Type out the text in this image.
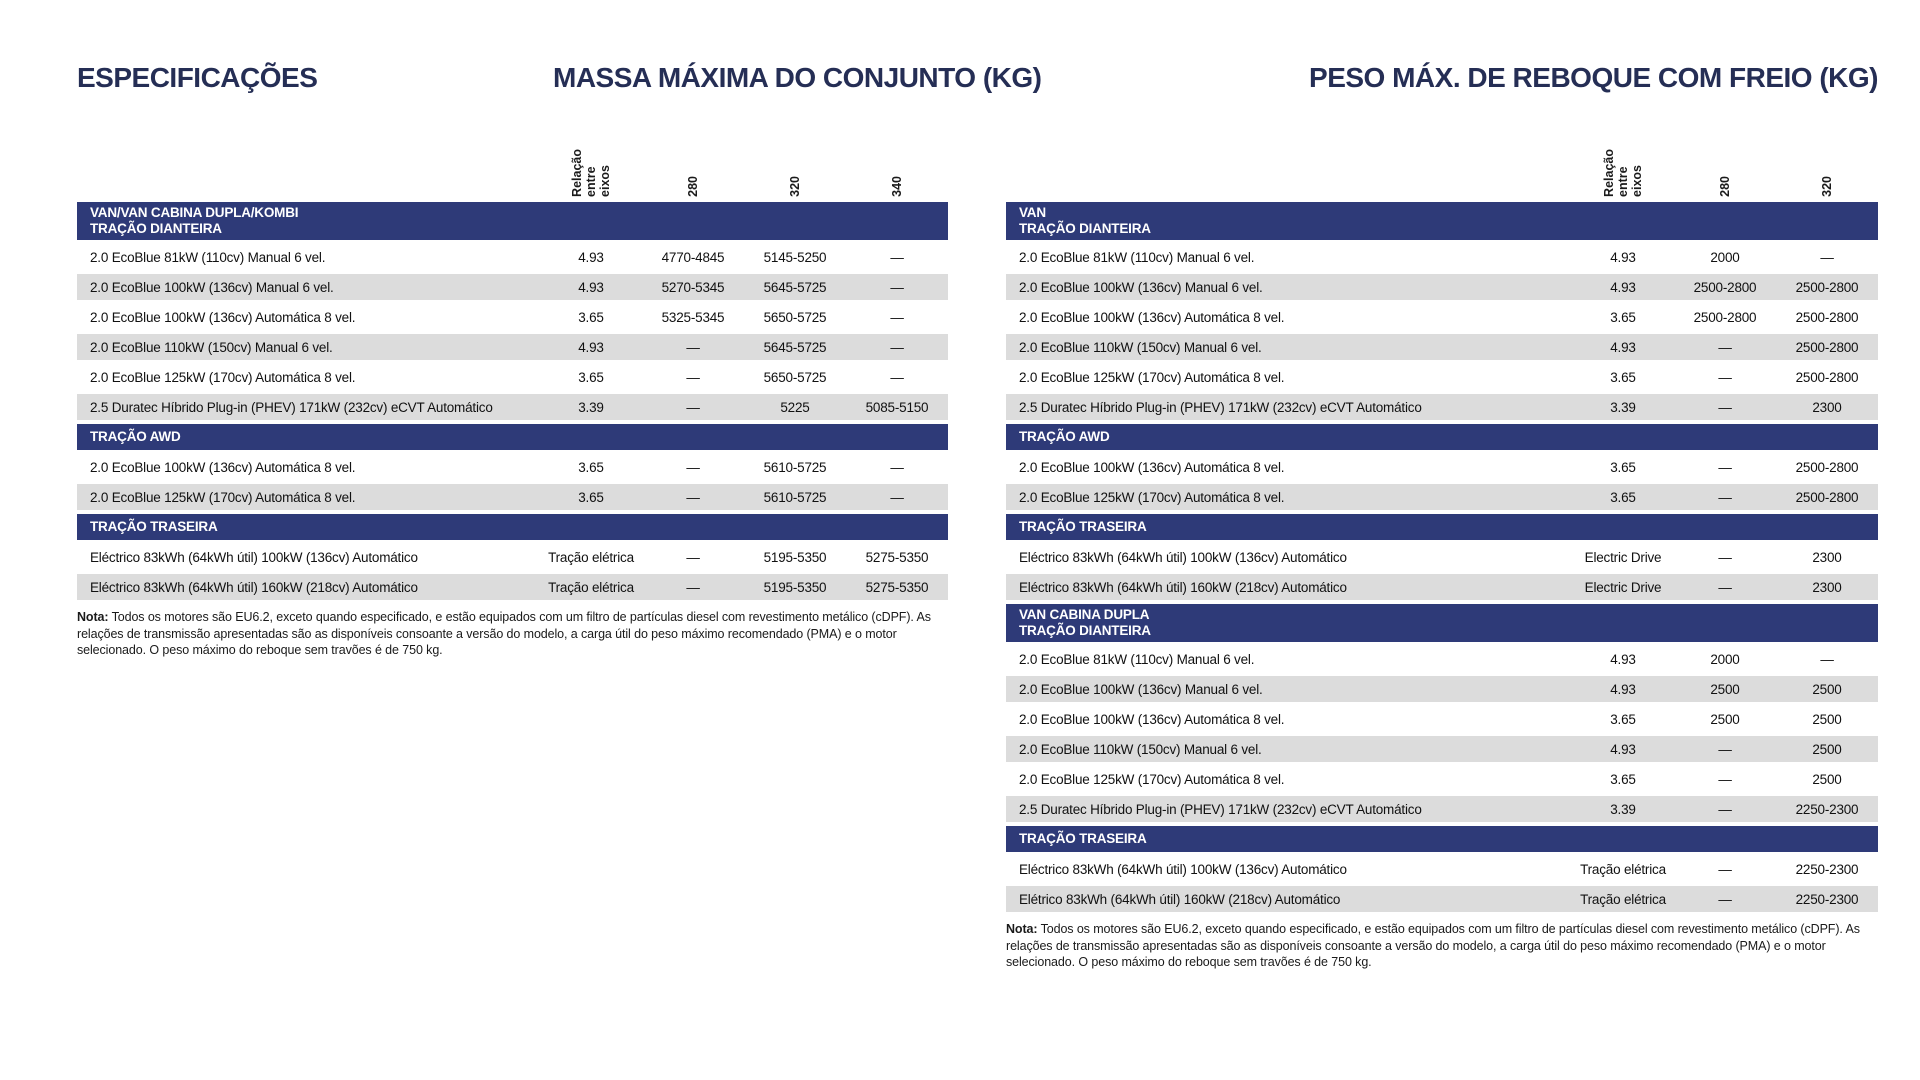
ESPECIFICAÇÕES	MASSA MÁXIMA DO CONJUNTO (KG)	PESO MÁX. DE REBOQUE COM FREIO (KG)
Relação
entre
eixos	280	320	340
VAN/VAN CABINA DUPLA/KOMBI
TRAÇÃO DIANTEIRA
2.0 EcoBlue 81kW (110cv) Manual 6 vel.	4.93	4770-4845	5145-5250	—
2.0 EcoBlue 100kW (136cv) Manual 6 vel.	4.93	5270-5345	5645-5725	—
2.0 EcoBlue 100kW (136cv) Automática 8 vel.	3.65	5325-5345	5650-5725	—
2.0 EcoBlue 110kW (150cv) Manual 6 vel.	4.93	—	5645-5725	—
2.0 EcoBlue 125kW (170cv) Automática 8 vel.	3.65	—	5650-5725	—
2.5 Duratec Híbrido Plug-in (PHEV) 171kW (232cv) eCVT Automático	3.39	—	5225	5085-5150
TRAÇÃO AWD
2.0 EcoBlue 100kW (136cv) Automática 8 vel.	3.65	—	5610-5725	—
2.0 EcoBlue 125kW (170cv) Automática 8 vel.	3.65	—	5610-5725	—
TRAÇÃO TRASEIRA
Eléctrico 83kWh (64kWh útil) 100kW (136cv) Automático	Tração elétrica	—	5195-5350	5275-5350
Eléctrico 83kWh (64kWh útil) 160kW (218cv) Automático	Tração elétrica	—	5195-5350	5275-5350
Nota: Todos os motores são EU6.2, exceto quando especificado, e estão equipados com um filtro de partículas diesel com revestimento metálico (cDPF). As relações de transmissão apresentadas são as disponíveis consoante a versão do modelo, a carga útil do peso máximo recomendado (PMA) e o motor selecionado. O peso máximo do reboque sem travões é de 750 kg.
Relação
entre
eixos	280	320
VAN
TRAÇÃO DIANTEIRA
2.0 EcoBlue 81kW (110cv) Manual 6 vel.	4.93	2000	—
2.0 EcoBlue 100kW (136cv) Manual 6 vel.	4.93	2500-2800	2500-2800
2.0 EcoBlue 100kW (136cv) Automática 8 vel.	3.65	2500-2800	2500-2800
2.0 EcoBlue 110kW (150cv) Manual 6 vel.	4.93	—	2500-2800
2.0 EcoBlue 125kW (170cv) Automática 8 vel.	3.65	—	2500-2800
2.5 Duratec Híbrido Plug-in (PHEV) 171kW (232cv) eCVT Automático	3.39	—	2300
TRAÇÃO AWD
2.0 EcoBlue 100kW (136cv) Automática 8 vel.	3.65	—	2500-2800
2.0 EcoBlue 125kW (170cv) Automática 8 vel.	3.65	—	2500-2800
TRAÇÃO TRASEIRA
Eléctrico 83kWh (64kWh útil) 100kW (136cv) Automático	Electric Drive	—	2300
Eléctrico 83kWh (64kWh útil) 160kW (218cv) Automático	Electric Drive	—	2300
VAN CABINA DUPLA
TRAÇÃO DIANTEIRA
2.0 EcoBlue 81kW (110cv) Manual 6 vel.	4.93	2000	—
2.0 EcoBlue 100kW (136cv) Manual 6 vel.	4.93	2500	2500
2.0 EcoBlue 100kW (136cv) Automática 8 vel.	3.65	2500	2500
2.0 EcoBlue 110kW (150cv) Manual 6 vel.	4.93	—	2500
2.0 EcoBlue 125kW (170cv) Automática 8 vel.	3.65	—	2500
2.5 Duratec Híbrido Plug-in (PHEV) 171kW (232cv) eCVT Automático	3.39	—	2250-2300
TRAÇÃO TRASEIRA
Eléctrico 83kWh (64kWh útil) 100kW (136cv) Automático	Tração elétrica	—	2250-2300
Elétrico 83kWh (64kWh útil) 160kW (218cv) Automático	Tração elétrica	—	2250-2300
Nota: Todos os motores são EU6.2, exceto quando especificado, e estão equipados com um filtro de partículas diesel com revestimento metálico (cDPF). As relações de transmissão apresentadas são as disponíveis consoante a versão do modelo, a carga útil do peso máximo recomendado (PMA) e o motor selecionado. O peso máximo do reboque sem travões é de 750 kg.
